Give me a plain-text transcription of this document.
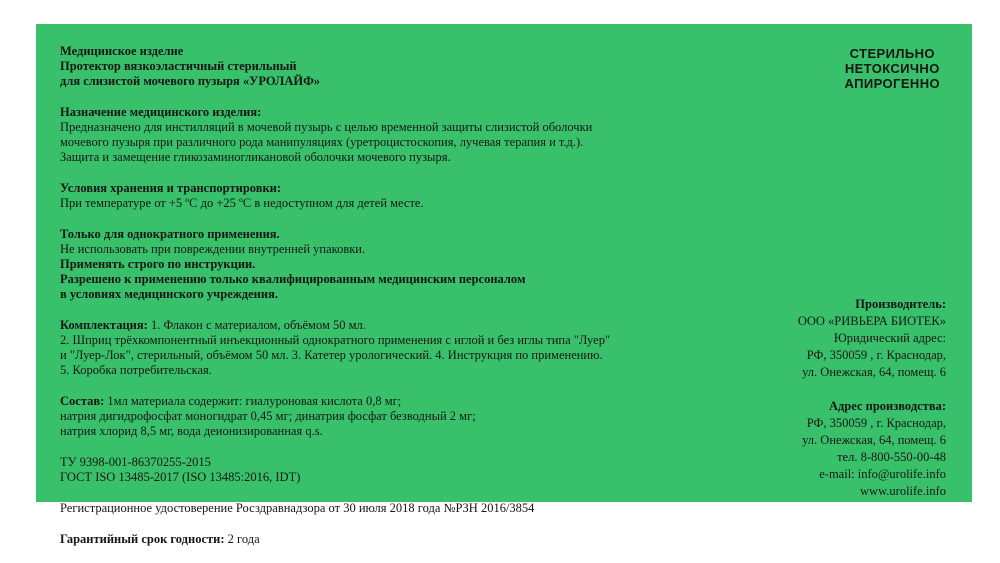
Медицинское изделие

Протектор вязкоэластичный стерильный

для слизистой мочевого пузыря «УРОЛАЙФ»

Назначение медицинского изделия:

Предназначено для инстилляций в мочевой пузырь с целью временной защиты слизистой оболочки

мочевого пузыря при различного рода манипуляциях (уретроцистоскопия, лучевая терапия и т.д.).

Защита и замещение гликозаминогликановой оболочки мочевого пузыря.

Условия хранения и транспортировки:

При температуре от +5 ºС до +25 ºС в недоступном для детей месте.

Только для однократного применения.

Не использовать при повреждении внутренней упаковки.

Применять строго по инструкции.

Разрешено к применению только квалифицированным медицинским персоналом

в условиях медицинского учреждения.

Комплектация: 1. Флакон с материалом, объёмом 50 мл.

2. Шприц трёхкомпонентный инъекционный однократного применения с иглой и без иглы типа "Луер"

и "Луер-Лок", стерильный, объёмом 50 мл. 3. Катетер урологический. 4. Инструкция по применению.

5. Коробка потребительская.

Состав: 1мл материала содержит: гиалуроновая кислота 0,8 мг;

натрия дигидрофосфат моногидрат 0,45 мг; динатрия фосфат безводный 2 мг;

натрия хлорид 8,5 мг, вода деионизированная q.s.

ТУ 9398-001-86370255-2015

ГОСТ ISO 13485-2017 (ISO 13485:2016, IDT)

Регистрационное удостоверение Росздравнадзора от 30 июля 2018 года №РЗН 2016/3854

Гарантийный срок годности: 2 года

СТЕРИЛЬНО
НЕТОКСИЧНО
АПИРОГЕННО

Производитель:

ООО «РИВЬЕРА БИОТЕК»

Юридический адрес:

РФ, 350059 , г. Краснодар,

ул. Онежская, 64, помещ. 6

Адрес производства:

РФ, 350059 , г. Краснодар,

ул. Онежская, 64, помещ. 6

тел. 8-800-550-00-48

e-mail: info@urolife.info

www.urolife.info
